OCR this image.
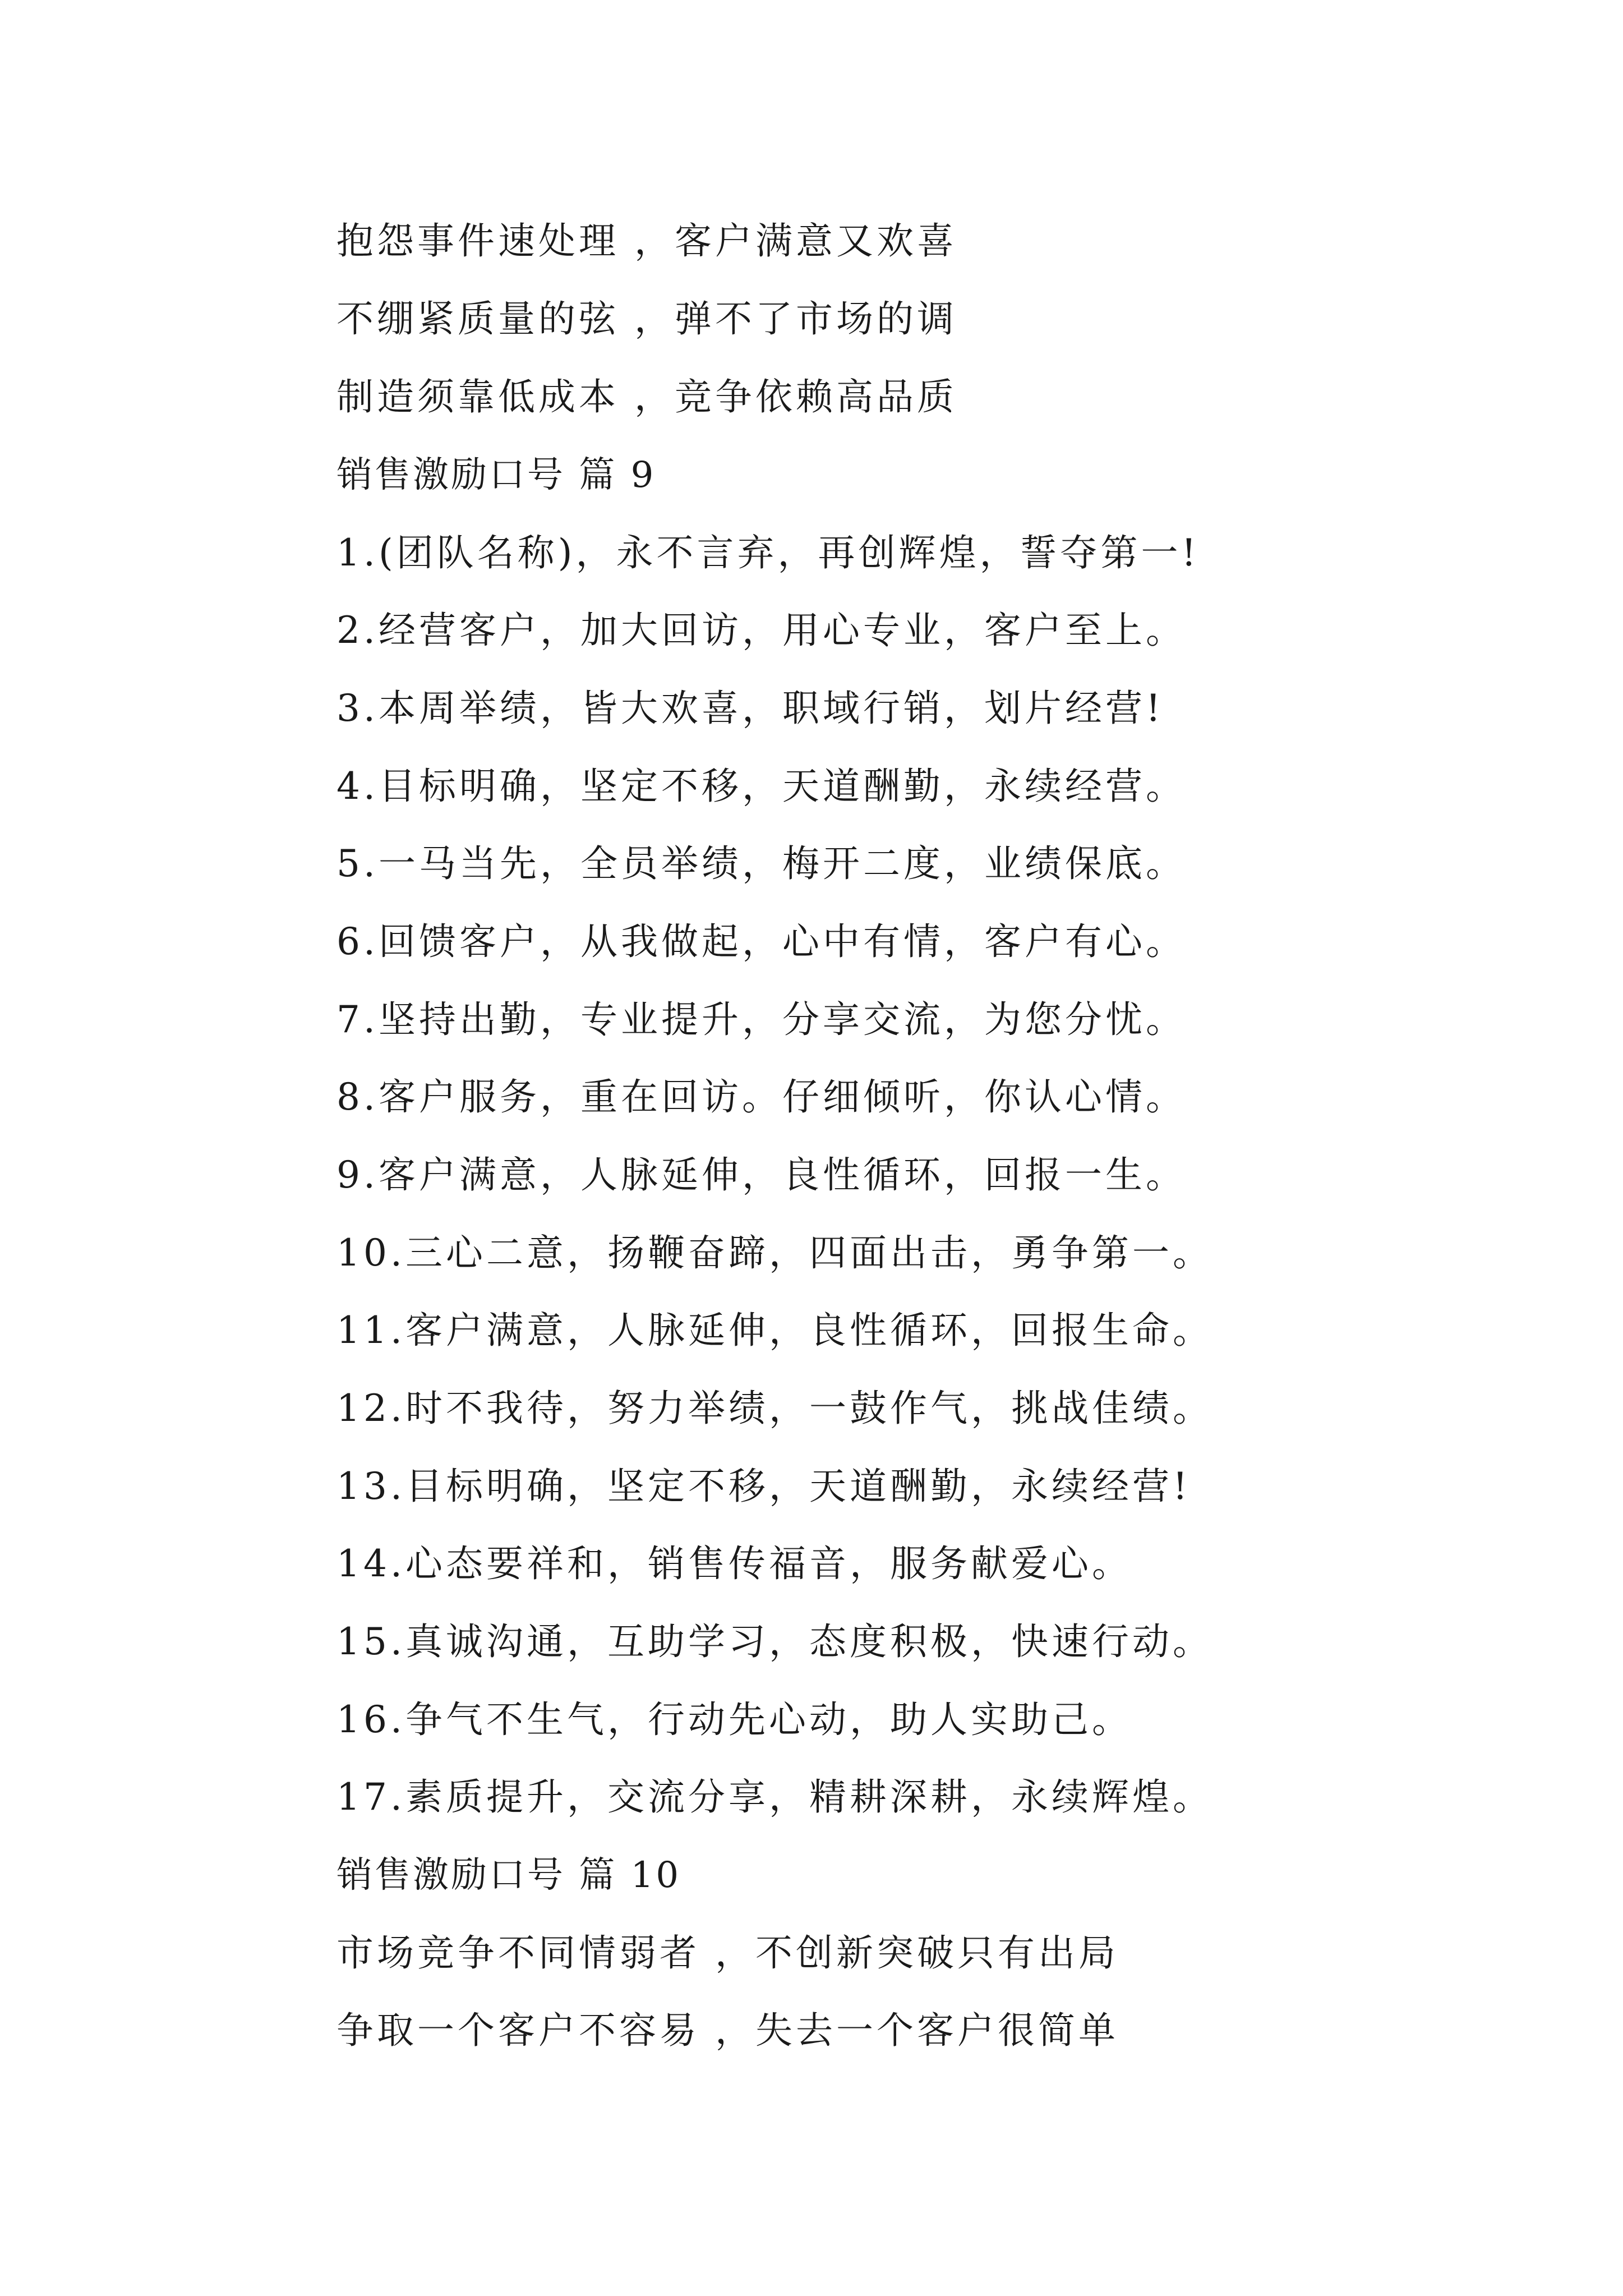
抱怨事件速处理 ，客户满意又欢喜
不绷紧质量的弦 ，弹不了市场的调
制造须靠低成本 ，竞争依赖高品质
销售激励口号 篇 9
1.(团队名称)，永不言弃，再创辉煌，誓夺第一!
2.经营客户，加大回访，用心专业，客户至上。
3.本周举绩，皆大欢喜，职域行销，划片经营!
4.目标明确，坚定不移，天道酬勤，永续经营。
5.一马当先，全员举绩，梅开二度，业绩保底。
6.回馈客户，从我做起，心中有情，客户有心。
7.坚持出勤，专业提升，分享交流，为您分忧。
8.客户服务，重在回访。仔细倾听，你认心情。
9.客户满意，人脉延伸，良性循环，回报一生。
10.三心二意，扬鞭奋蹄，四面出击，勇争第一。
11.客户满意，人脉延伸，良性循环，回报生命。
12.时不我待，努力举绩，一鼓作气，挑战佳绩。
13.目标明确，坚定不移，天道酬勤，永续经营!
14.心态要祥和，销售传福音，服务献爱心。
15.真诚沟通，互助学习，态度积极，快速行动。
16.争气不生气，行动先心动，助人实助己。
17.素质提升，交流分享，精耕深耕，永续辉煌。
销售激励口号 篇 10
市场竞争不同情弱者 ，不创新突破只有出局
争取一个客户不容易 ，失去一个客户很简单
